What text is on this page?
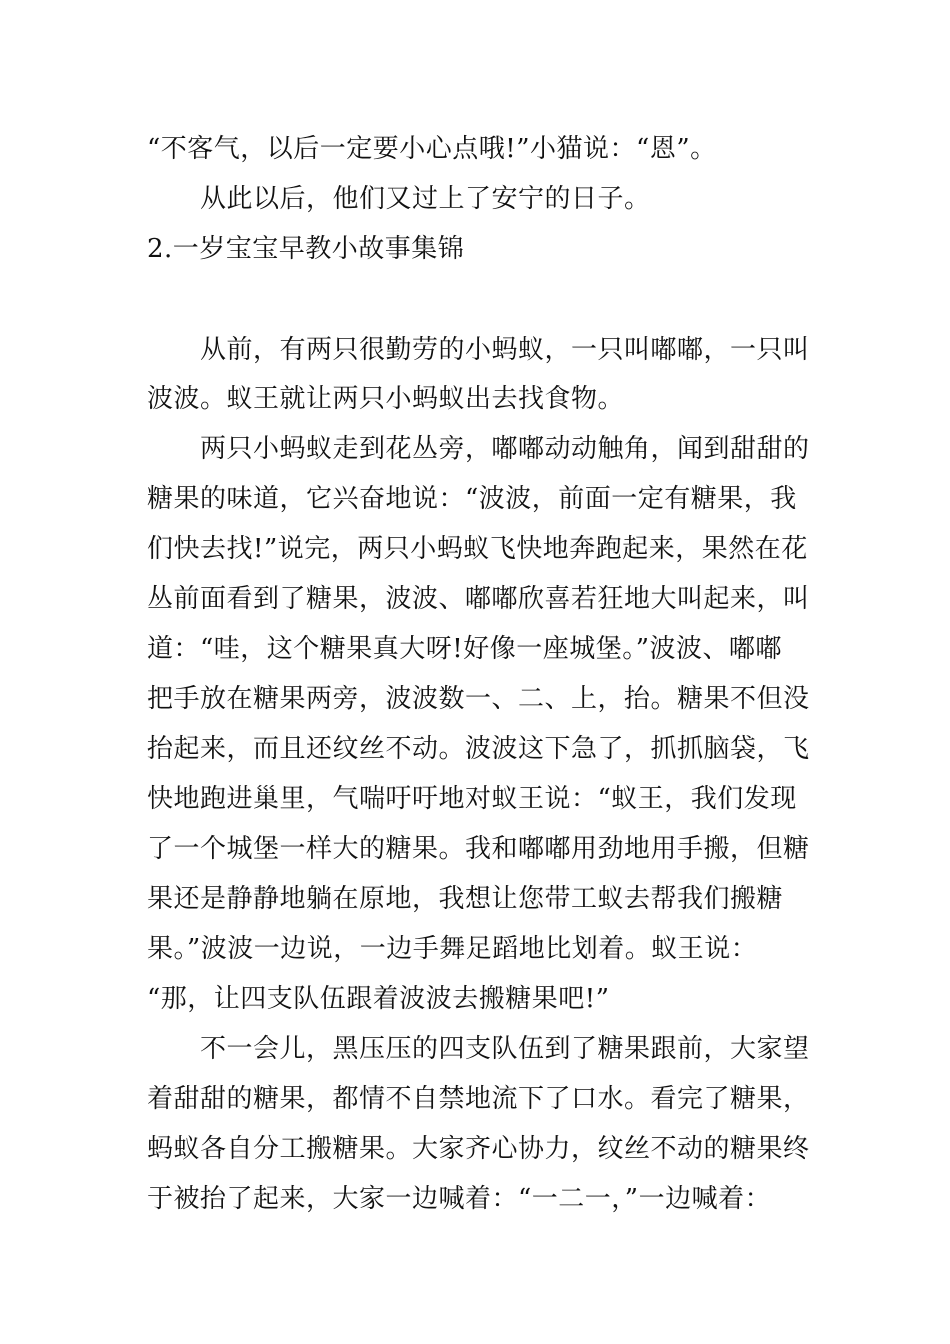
“不客气，以后一定要小心点哦!”小猫说：“恩”。
从此以后，他们又过上了安宁的日子。
2.一岁宝宝早教小故事集锦
从前，有两只很勤劳的小蚂蚁，一只叫嘟嘟，一只叫
波波。蚁王就让两只小蚂蚁出去找食物。
两只小蚂蚁走到花丛旁，嘟嘟动动触角，闻到甜甜的
糖果的味道，它兴奋地说：“波波，前面一定有糖果，我
们快去找!”说完，两只小蚂蚁飞快地奔跑起来，果然在花
丛前面看到了糖果，波波、嘟嘟欣喜若狂地大叫起来，叫
道：“哇，这个糖果真大呀!好像一座城堡。”波波、嘟嘟
把手放在糖果两旁，波波数一、二、上，抬。糖果不但没
抬起来，而且还纹丝不动。波波这下急了，抓抓脑袋，飞
快地跑进巢里，气喘吁吁地对蚁王说：“蚁王，我们发现
了一个城堡一样大的糖果。我和嘟嘟用劲地用手搬，但糖
果还是静静地躺在原地，我想让您带工蚁去帮我们搬糖
果。”波波一边说，一边手舞足蹈地比划着。蚁王说：
“那，让四支队伍跟着波波去搬糖果吧!”
不一会儿，黑压压的四支队伍到了糖果跟前，大家望
着甜甜的糖果，都情不自禁地流下了口水。看完了糖果，
蚂蚁各自分工搬糖果。大家齐心协力，纹丝不动的糖果终
于被抬了起来，大家一边喊着：“一二一，”一边喊着：
